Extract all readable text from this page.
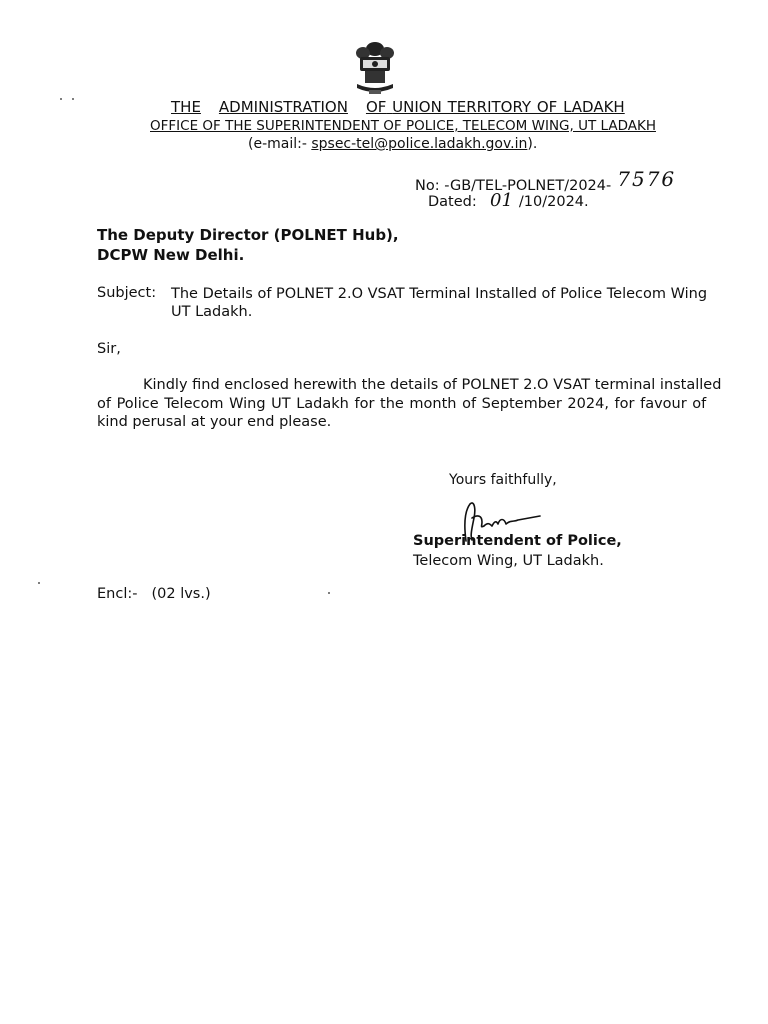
THE ADMINISTRATION OF UNION TERRITORY OF LADAKH
OFFICE OF THE SUPERINTENDENT OF POLICE, TELECOM WING, UT LADAKH
(e-mail:- spsec-tel@police.ladakh.gov.in).
No: -GB/TEL-POLNET/2024- 7576
Dated: 01 /10/2024.
The Deputy Director (POLNET Hub),
DCPW New Delhi.
Subject: The Details of POLNET 2.O VSAT Terminal Installed of Police Telecom Wing
UT Ladakh.
Sir,
Kindly find enclosed herewith the details of POLNET 2.O VSAT terminal installed
of Police Telecom Wing UT Ladakh for the month of September 2024, for favour of
kind perusal at your end please.
Yours faithfully,
Superintendent of Police,
Telecom Wing, UT Ladakh.
Encl:- (02 lvs.)
